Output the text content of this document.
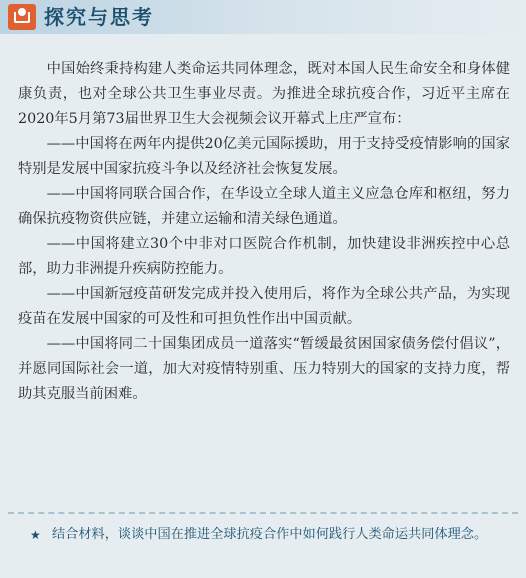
探究与思考

中国始终秉持构建人类命运共同体理念，既对本国人民生命安全和身体健康负责，也对全球公共卫生事业尽责。为推进全球抗疫合作，习近平主席在2020年5月第73届世界卫生大会视频会议开幕式上庄严宣布：

——中国将在两年内提供20亿美元国际援助，用于支持受疫情影响的国家特别是发展中国家抗疫斗争以及经济社会恢复发展。

——中国将同联合国合作，在华设立全球人道主义应急仓库和枢纽，努力确保抗疫物资供应链，并建立运输和清关绿色通道。

——中国将建立30个中非对口医院合作机制，加快建设非洲疾控中心总部，助力非洲提升疾病防控能力。

——中国新冠疫苗研发完成并投入使用后，将作为全球公共产品，为实现疫苗在发展中国家的可及性和可担负性作出中国贡献。

——中国将同二十国集团成员一道落实“暂缓最贫困国家债务偿付倡议”，并愿同国际社会一道，加大对疫情特别重、压力特别大的国家的支持力度，帮助其克服当前困难。

★ 结合材料，谈谈中国在推进全球抗疫合作中如何践行人类命运共同体理念。
